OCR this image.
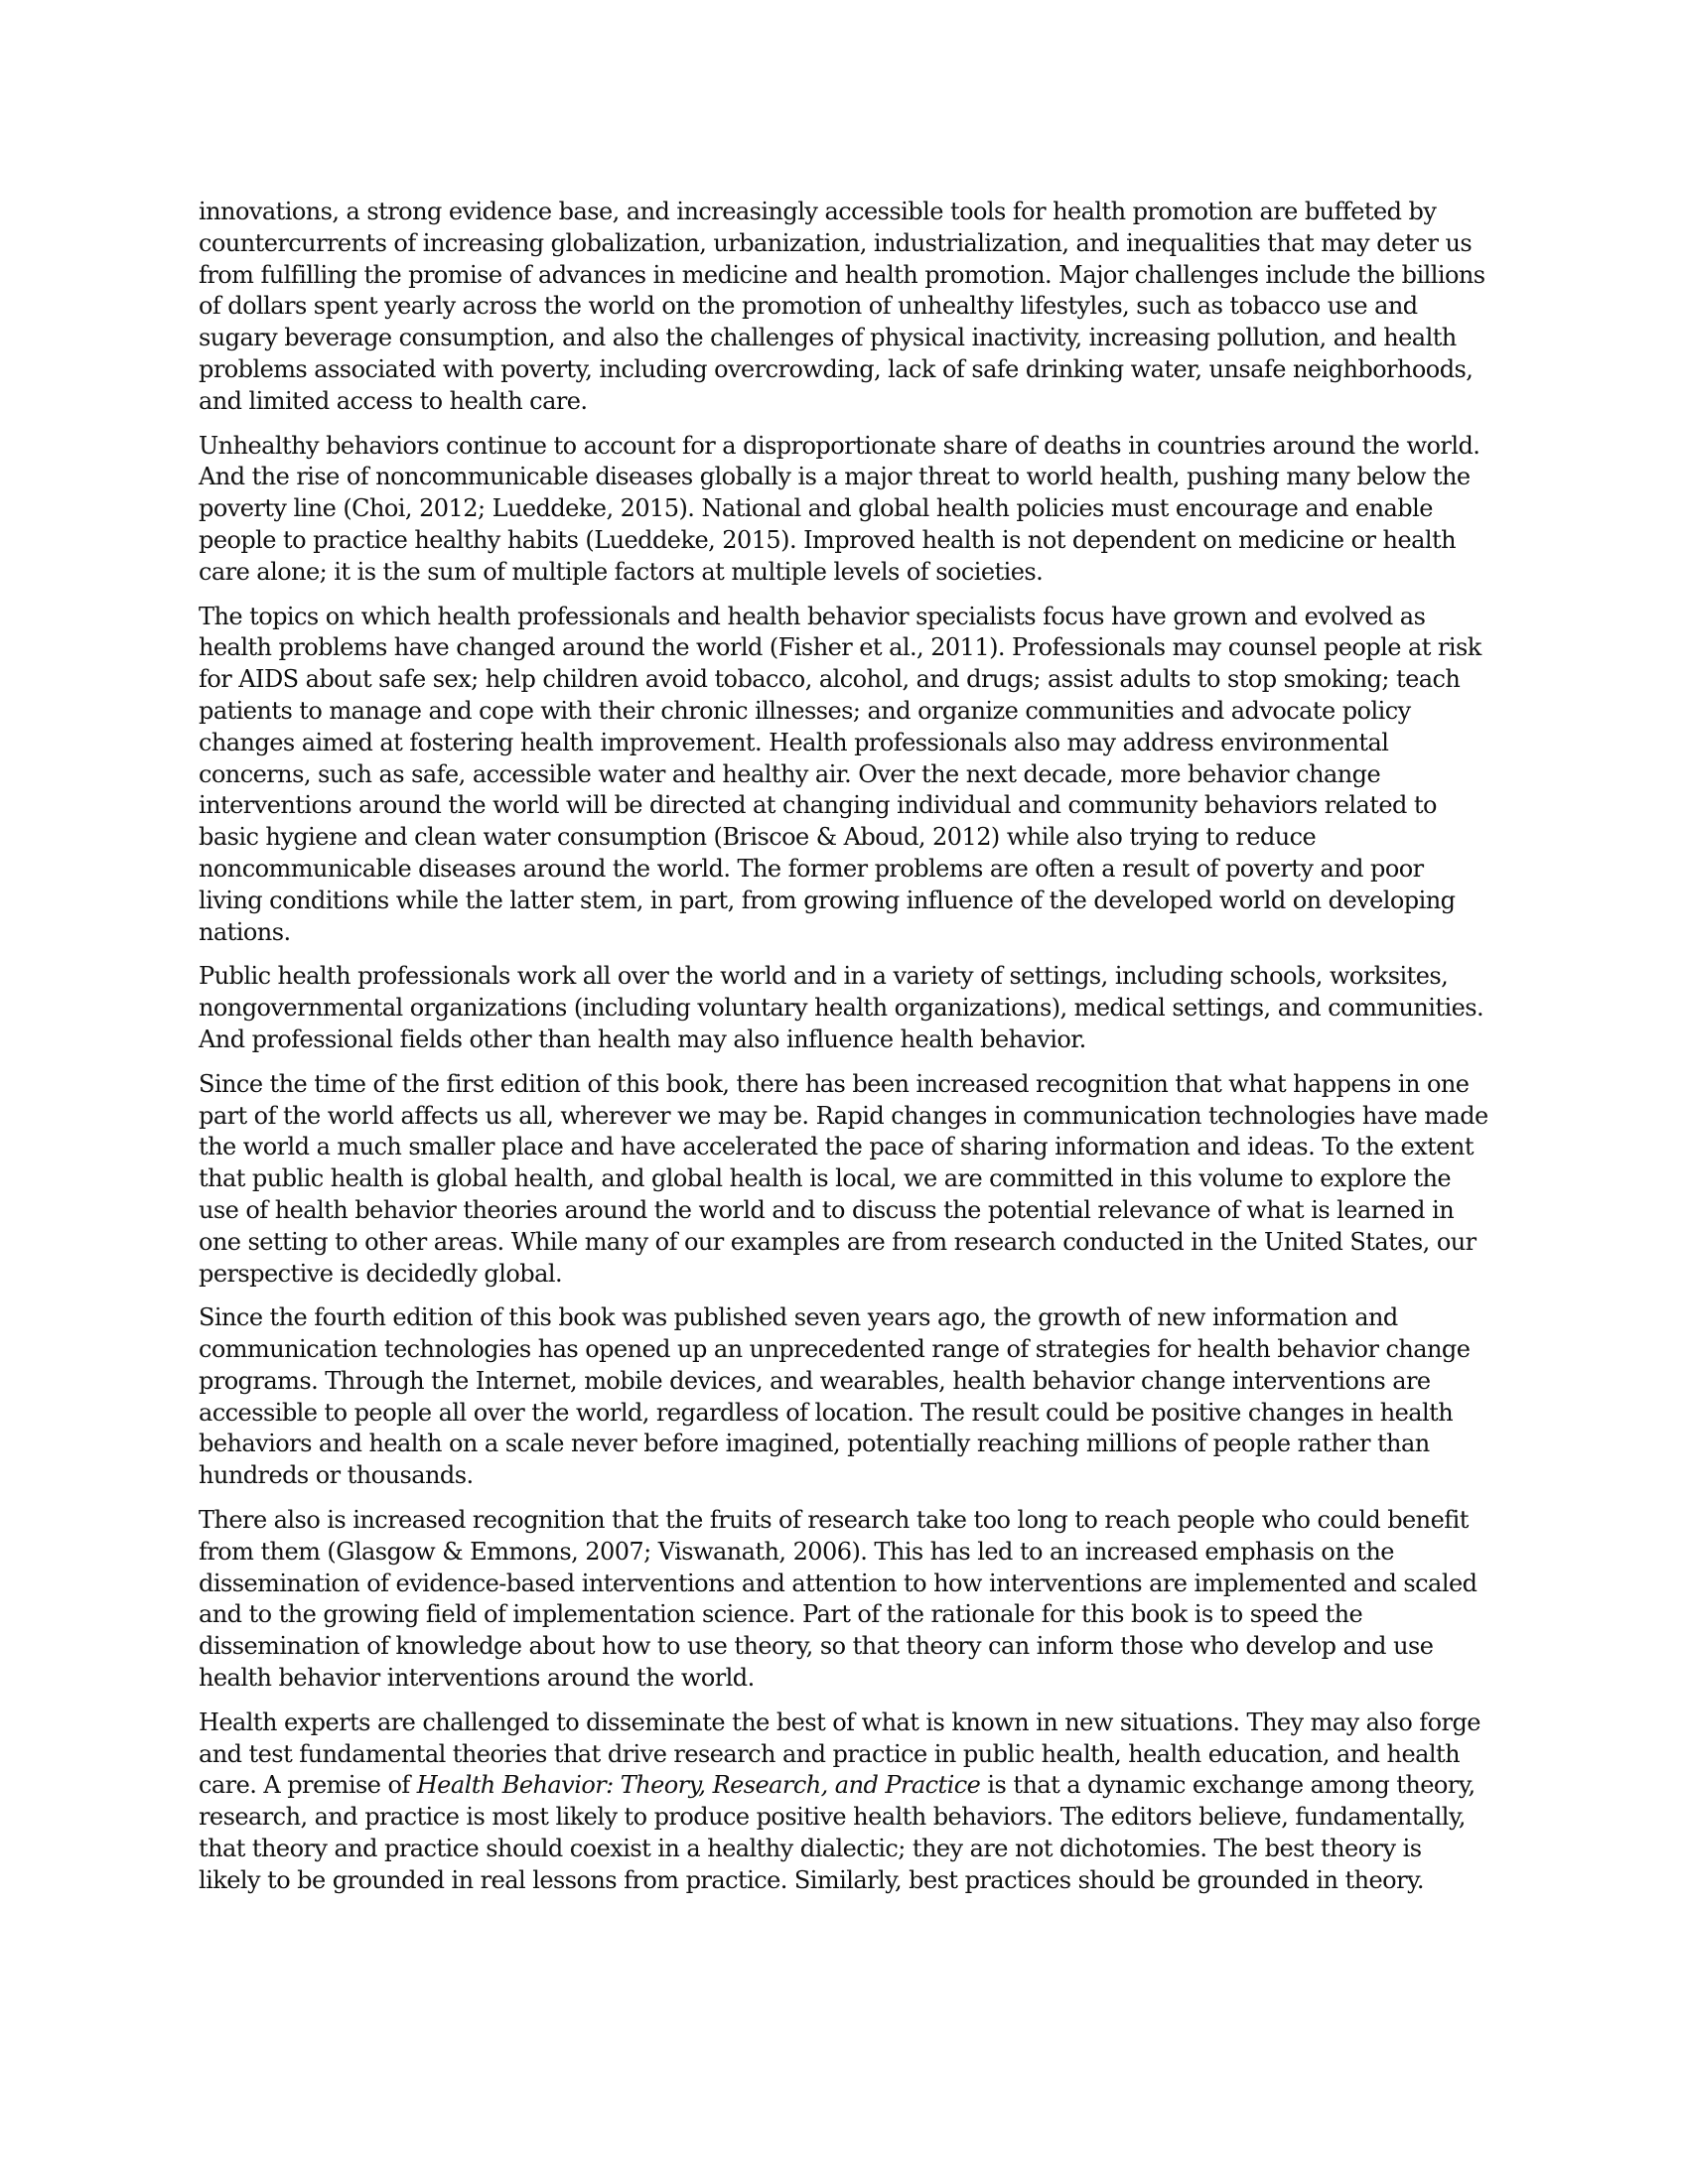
innovations, a strong evidence base, and increasingly accessible tools for health promotion are buffeted by countercurrents of increasing globalization, urbanization, industrialization, and inequalities that may deter us from fulfilling the promise of advances in medicine and health promotion. Major challenges include the billions of dollars spent yearly across the world on the promotion of unhealthy lifestyles, such as tobacco use and sugary beverage consumption, and also the challenges of physical inactivity, increasing pollution, and health problems associated with poverty, including overcrowding, lack of safe drinking water, unsafe neighborhoods, and limited access to health care.

Unhealthy behaviors continue to account for a disproportionate share of deaths in countries around the world. And the rise of noncommunicable diseases globally is a major threat to world health, pushing many below the poverty line (Choi, 2012; Lueddeke, 2015). National and global health policies must encourage and enable people to practice healthy habits (Lueddeke, 2015). Improved health is not dependent on medicine or health care alone; it is the sum of multiple factors at multiple levels of societies.

The topics on which health professionals and health behavior specialists focus have grown and evolved as health problems have changed around the world (Fisher et al., 2011). Professionals may counsel people at risk for AIDS about safe sex; help children avoid tobacco, alcohol, and drugs; assist adults to stop smoking; teach patients to manage and cope with their chronic illnesses; and organize communities and advocate policy changes aimed at fostering health improvement. Health professionals also may address environmental concerns, such as safe, accessible water and healthy air. Over the next decade, more behavior change interventions around the world will be directed at changing individual and community behaviors related to basic hygiene and clean water consumption (Briscoe & Aboud, 2012) while also trying to reduce noncommunicable diseases around the world. The former problems are often a result of poverty and poor living conditions while the latter stem, in part, from growing influence of the developed world on developing nations.

Public health professionals work all over the world and in a variety of settings, including schools, worksites, nongovernmental organizations (including voluntary health organizations), medical settings, and communities. And professional fields other than health may also influence health behavior.

Since the time of the first edition of this book, there has been increased recognition that what happens in one part of the world affects us all, wherever we may be. Rapid changes in communication technologies have made the world a much smaller place and have accelerated the pace of sharing information and ideas. To the extent that public health is global health, and global health is local, we are committed in this volume to explore the use of health behavior theories around the world and to discuss the potential relevance of what is learned in one setting to other areas. While many of our examples are from research conducted in the United States, our perspective is decidedly global.

Since the fourth edition of this book was published seven years ago, the growth of new information and communication technologies has opened up an unprecedented range of strategies for health behavior change programs. Through the Internet, mobile devices, and wearables, health behavior change interventions are accessible to people all over the world, regardless of location. The result could be positive changes in health behaviors and health on a scale never before imagined, potentially reaching millions of people rather than hundreds or thousands.

There also is increased recognition that the fruits of research take too long to reach people who could benefit from them (Glasgow & Emmons, 2007; Viswanath, 2006). This has led to an increased emphasis on the dissemination of evidence-based interventions and attention to how interventions are implemented and scaled and to the growing field of implementation science. Part of the rationale for this book is to speed the dissemination of knowledge about how to use theory, so that theory can inform those who develop and use health behavior interventions around the world.

Health experts are challenged to disseminate the best of what is known in new situations. They may also forge and test fundamental theories that drive research and practice in public health, health education, and health care. A premise of Health Behavior: Theory, Research, and Practice is that a dynamic exchange among theory, research, and practice is most likely to produce positive health behaviors. The editors believe, fundamentally, that theory and practice should coexist in a healthy dialectic; they are not dichotomies. The best theory is likely to be grounded in real lessons from practice. Similarly, best practices should be grounded in theory.
